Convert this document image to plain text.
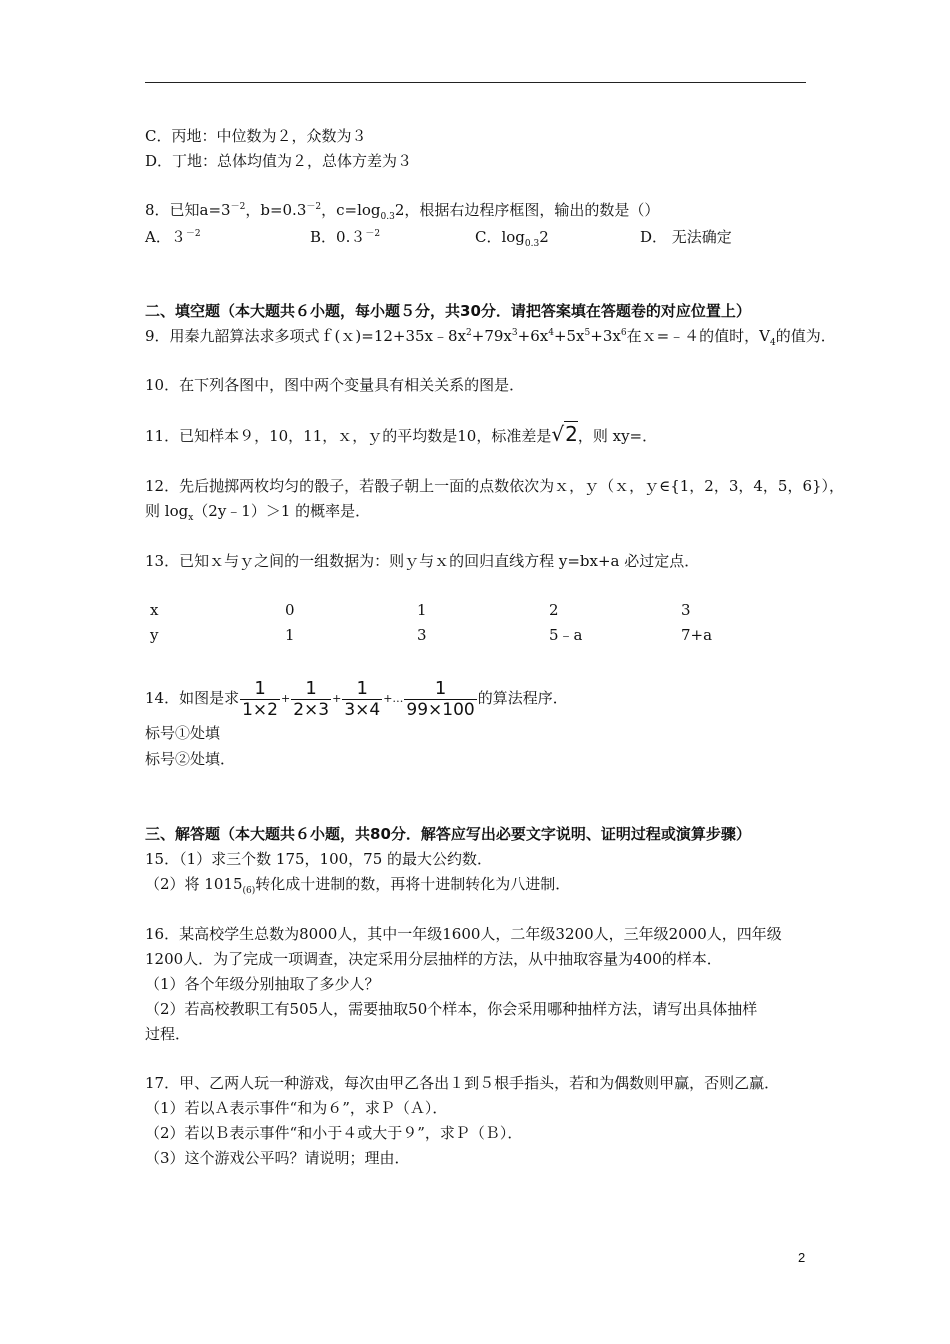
C．丙地：中位数为２，众数为３
D．丁地：总体均值为２，总体方差为３
8．已知$a=3^{-2}$，$b=0.3^{-2}$，$c=\log_{0.3}2$，根据右边程序框图，输出的数是（）
A．$3^{-2}$	B．$0.3^{-2}$	C．$\log_{0.3}2$	D． 无法确定
二、填空题（本大题共６小题，每小题５分，共30分．请把答案填在答题卷的对应位置上）
9．用秦九韶算法求多项式$f(x)=12+35x﹣8x^2+79x^3+6x^4+5x^5+3x^6$在ｘ=﹣４的值时，$V_4$的值为．
10．在下列各图中，图中两个变量具有相关关系的图是．
11．已知样本９，10，11，ｘ，ｙ的平均数是10，标准差是√2，则 xy=．
12．先后抛掷两枚均匀的骰子，若骰子朝上一面的点数依次为ｘ，ｙ（ｘ，ｙ∈{1，2，3，4，5，6}），
则 $\log_x(2y﹣1)>1$ 的概率是．
13．已知ｘ与ｙ之间的一组数据为：则ｙ与ｘ的回归直线方程 y=bx+a 必过定点．
x	0	1	2	3
y	1	3	5﹣a	7+a
14．如图是求 $\frac{1}{1\times 2} + \frac{1}{2\times 3} + \frac{1}{3\times 4}$ +… $\frac{1}{99\times 100}$ 的算法程序．
标号①处填
标号②处填．
三、解答题（本大题共６小题，共80分．解答应写出必要文字说明、证明过程或演算步骤）
15．（1）求三个数 175，100，75 的最大公约数．
（2）将 $1015_{(6)}$转化成十进制的数，再将十进制转化为八进制．
16．某高校学生总数为8000人，其中一年级1600人，二年级3200人，三年级2000人，四年级
1200人．为了完成一项调查，决定采用分层抽样的方法，从中抽取容量为400的样本．
（1）各个年级分别抽取了多少人？
（2）若高校教职工有505人，需要抽取50个样本，你会采用哪种抽样方法，请写出具体抽样
过程．
17．甲、乙两人玩一种游戏，每次由甲乙各出１到５根手指头，若和为偶数则甲赢，否则乙赢．
（1）若以Ａ表示事件“和为６”，求Ｐ（Ａ）．
（2）若以Ｂ表示事件“和小于４或大于９”，求Ｐ（Ｂ）．
（3）这个游戏公平吗？请说明；理由．
2
